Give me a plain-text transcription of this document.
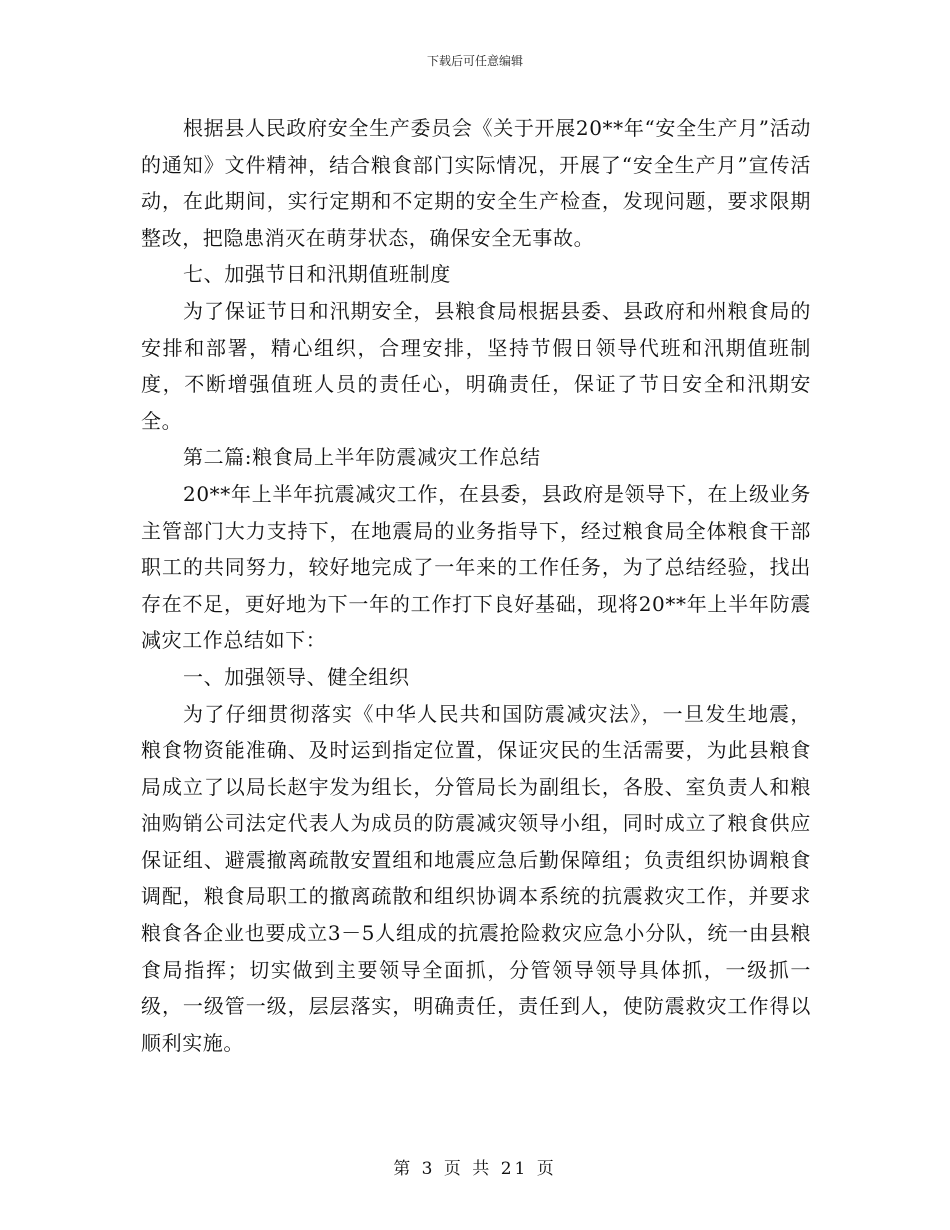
下载后可任意编辑

根据县人民政府安全生产委员会《关于开展20**年“安全生产月”活动的通知》文件精神，结合粮食部门实际情况，开展了“安全生产月”宣传活动，在此期间，实行定期和不定期的安全生产检查，发现问题，要求限期整改，把隐患消灭在萌芽状态，确保安全无事故。

七、加强节日和汛期值班制度

为了保证节日和汛期安全，县粮食局根据县委、县政府和州粮食局的安排和部署，精心组织，合理安排，坚持节假日领导代班和汛期值班制度，不断增强值班人员的责任心，明确责任，保证了节日安全和汛期安全。

第二篇:粮食局上半年防震减灾工作总结

20**年上半年抗震减灾工作，在县委，县政府是领导下，在上级业务主管部门大力支持下，在地震局的业务指导下，经过粮食局全体粮食干部职工的共同努力，较好地完成了一年来的工作任务，为了总结经验，找出存在不足，更好地为下一年的工作打下良好基础，现将20**年上半年防震减灾工作总结如下：

一、加强领导、健全组织

为了仔细贯彻落实《中华人民共和国防震减灾法》，一旦发生地震，粮食物资能准确、及时运到指定位置，保证灾民的生活需要，为此县粮食局成立了以局长赵宇发为组长，分管局长为副组长，各股、室负责人和粮油购销公司法定代表人为成员的防震减灾领导小组，同时成立了粮食供应保证组、避震撤离疏散安置组和地震应急后勤保障组；负责组织协调粮食调配，粮食局职工的撤离疏散和组织协调本系统的抗震救灾工作，并要求粮食各企业也要成立3－5人组成的抗震抢险救灾应急小分队，统一由县粮食局指挥；切实做到主要领导全面抓，分管领导领导具体抓，一级抓一级，一级管一级，层层落实，明确责任，责任到人，使防震救灾工作得以顺利实施。

第 3 页 共 21 页
